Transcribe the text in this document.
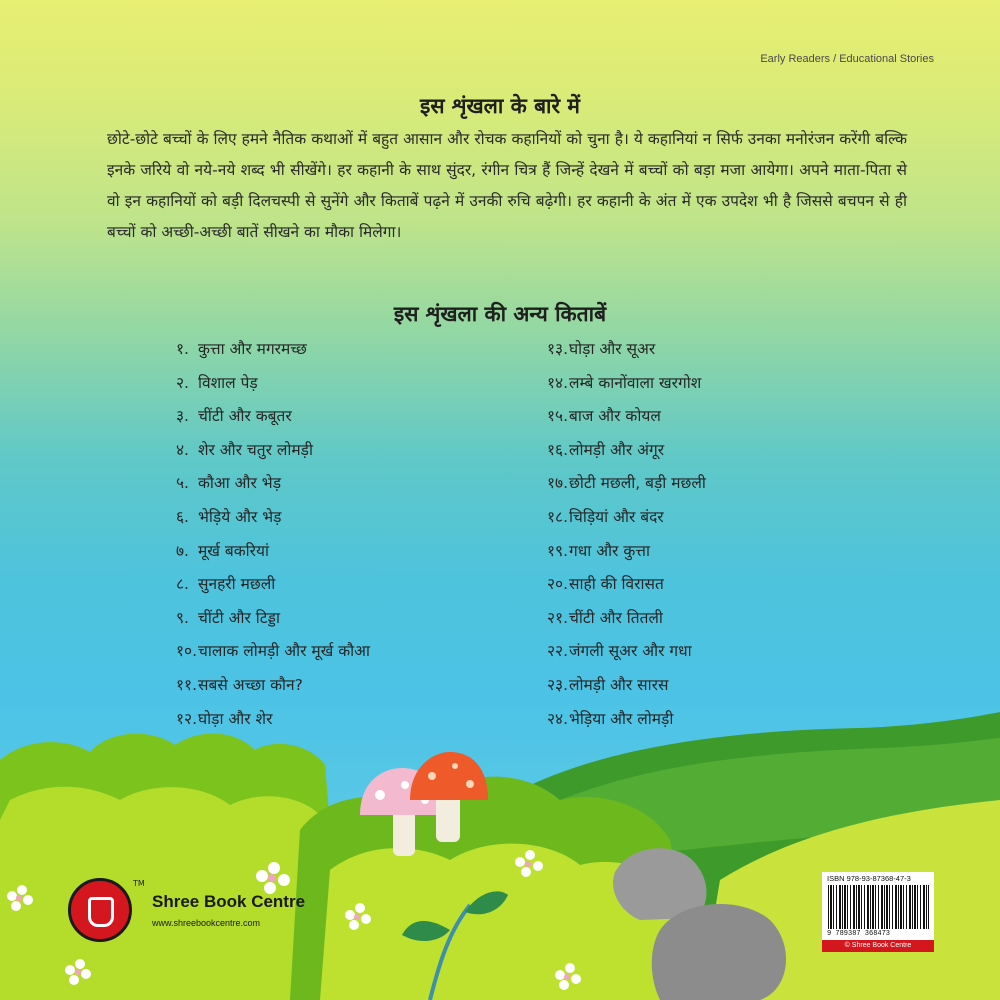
Early Readers / Educational Stories
इस शृंखला के बारे में
छोटे-छोटे बच्चों के लिए हमने नैतिक कथाओं में बहुत आसान और रोचक कहानियों को चुना है। ये कहानियां न सिर्फ उनका मनोरंजन करेंगी बल्कि इनके जरिये वो नये-नये शब्द भी सीखेंगे। हर कहानी के साथ सुंदर, रंगीन चित्र हैं जिन्हें देखने में बच्चों को बड़ा मजा आयेगा। अपने माता-पिता से वो इन कहानियों को बड़ी दिलचस्पी से सुनेंगे और किताबें पढ़ने में उनकी रुचि बढ़ेगी। हर कहानी के अंत में एक उपदेश भी है जिससे बचपन से ही बच्चों को अच्छी-अच्छी बातें सीखने का मौका मिलेगा।
इस शृंखला की अन्य किताबें
१. कुत्ता और मगरमच्छ
२. विशाल पेड़
३. चींटी और कबूतर
४. शेर और चतुर लोमड़ी
५. कौआ और भेड़
६. भेड़िये और भेड़
७. मूर्ख बकरियां
८. सुनहरी मछली
९. चींटी और टिड्डा
१०.चालाक लोमड़ी और मूर्ख कौआ
११.सबसे अच्छा कौन?
१२.घोड़ा और शेर
१३.घोड़ा और सूअर
१४.लम्बे कानोंवाला खरगोश
१५.बाज और कोयल
१६.लोमड़ी और अंगूर
१७.छोटी मछली, बड़ी मछली
१८.चिड़ियां और बंदर
१९.गधा और कुत्ता
२०.साही की विरासत
२१.चींटी और तितली
२२.जंगली सूअर और गधा
२३.लोमड़ी और सारस
२४.भेड़िया और लोमड़ी
TM
Shree Book Centre
www.shreebookcentre.com
ISBN 978-93-87368-47-3
9 789387 368473
© Shree Book Centre
